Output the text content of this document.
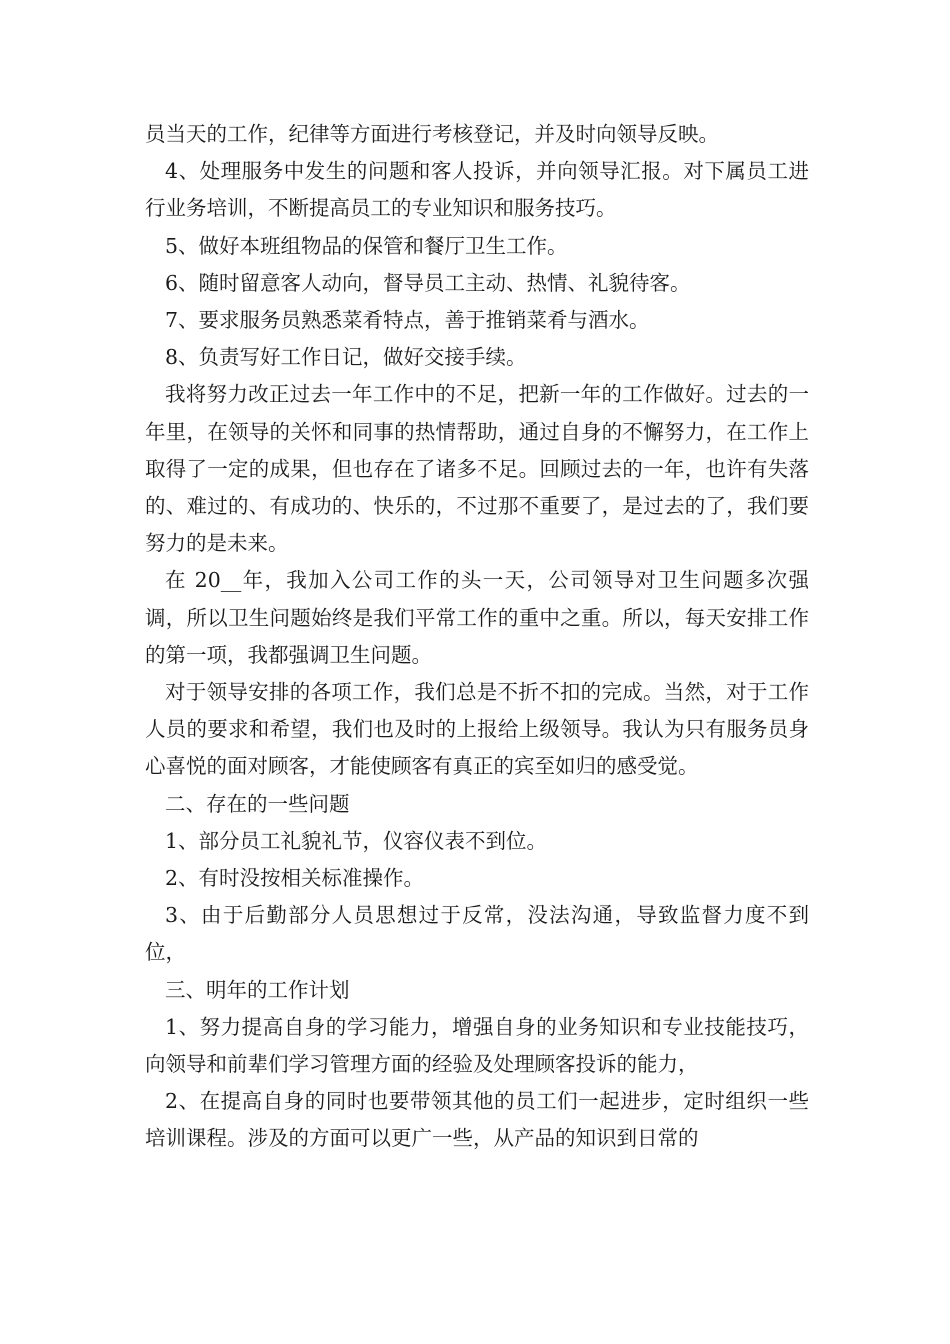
员当天的工作，纪律等方面进行考核登记，并及时向领导反映。

4、处理服务中发生的问题和客人投诉，并向领导汇报。对下属员工进行业务培训，不断提高员工的专业知识和服务技巧。

5、做好本班组物品的保管和餐厅卫生工作。

6、随时留意客人动向，督导员工主动、热情、礼貌待客。

7、要求服务员熟悉菜肴特点，善于推销菜肴与酒水。

8、负责写好工作日记，做好交接手续。

我将努力改正过去一年工作中的不足，把新一年的工作做好。过去的一年里，在领导的关怀和同事的热情帮助，通过自身的不懈努力，在工作上取得了一定的成果，但也存在了诸多不足。回顾过去的一年，也许有失落的、难过的、有成功的、快乐的，不过那不重要了，是过去的了，我们要努力的是未来。

在 20__年，我加入公司工作的头一天，公司领导对卫生问题多次强调，所以卫生问题始终是我们平常工作的重中之重。所以，每天安排工作的第一项，我都强调卫生问题。

对于领导安排的各项工作，我们总是不折不扣的完成。当然，对于工作人员的要求和希望，我们也及时的上报给上级领导。我认为只有服务员身心喜悦的面对顾客，才能使顾客有真正的宾至如归的感受觉。

二、存在的一些问题

1、部分员工礼貌礼节，仪容仪表不到位。

2、有时没按相关标准操作。

3、由于后勤部分人员思想过于反常，没法沟通，导致监督力度不到位，

三、明年的工作计划

1、努力提高自身的学习能力，增强自身的业务知识和专业技能技巧，向领导和前辈们学习管理方面的经验及处理顾客投诉的能力，

2、在提高自身的同时也要带领其他的员工们一起进步，定时组织一些培训课程。涉及的方面可以更广一些，从产品的知识到日常的
